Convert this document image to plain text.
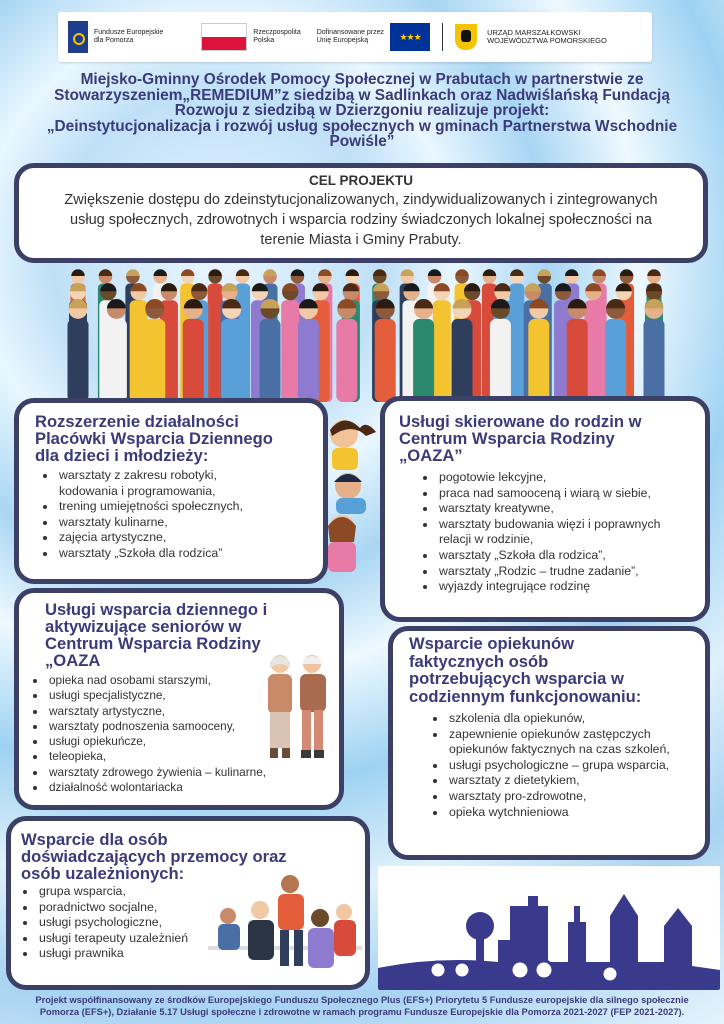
Fundusze Europejskie
dla Pomorza
Rzeczpospolita
Polska
Dofinansowane przez
Unię Europejską	★★★	URZĄD MARSZAŁKOWSKI
WOJEWÓDZTWA POMORSKIEGO
Miejsko-Gminny Ośrodek Pomocy Społecznej w Prabutach w partnerstwie ze
Stowarzyszeniem„REMEDIUM”z siedzibą w Sadlinkach oraz Nadwiślańską Fundacją
Rozwoju z siedzibą w Dzierzgoniu realizuje projekt:
„Deinstytucjonalizacja i rozwój usług społecznych w gminach Partnerstwa Wschodnie
Powiśle”
CEL PROJEKTU
Zwiększenie dostępu do zdeinstytucjonalizowanych, zindywidualizowanych i zintegrowanych
usług społecznych, zdrowotnych i wsparcia rodziny świadczonych lokalnej społeczności na
terenie Miasta i Gminy Prabuty.
Rozszerzenie działalności
Placówki Wsparcia Dziennego
dla dzieci i młodzieży:
• warsztaty z zakresu robotyki,
kodowania i programowania,
• trening umiejętności społecznych,
• warsztaty kulinarne,
• zajęcia artystyczne,
• warsztaty „Szkoła dla rodzica”
Usługi skierowane do rodzin w
Centrum Wsparcia Rodziny
„OAZA”
• pogotowie lekcyjne,
• praca nad samooceną i wiarą w siebie,
• warsztaty kreatywne,
• warsztaty budowania więzi i poprawnych relacji w rodzinie,
• warsztaty „Szkoła dla rodzica”,
• warsztaty „Rodzic – trudne zadanie”,
• wyjazdy integrujące rodzinę
Usługi wsparcia dziennego i
aktywizujące seniorów w
Centrum Wsparcia Rodziny
„OAZA
• opieka nad osobami starszymi,
• usługi specjalistyczne,
• warsztaty artystyczne,
• warsztaty podnoszenia samooceny,
• usługi opiekuńcze,
• teleopieka,
• warsztaty zdrowego żywienia – kulinarne,
• działalność wolontariacka
Wsparcie opiekunów
faktycznych osób
potrzebujących wsparcia w
codziennym funkcjonowaniu:
• szkolenia dla opiekunów,
• zapewnienie opiekunów zastępczych opiekunów faktycznych na czas szkoleń,
• usługi psychologiczne – grupa wsparcia,
• warsztaty z dietetykiem,
• warsztaty pro-zdrowotne,
• opieka wytchnieniowa
Wsparcie dla osób
doświadczających przemocy oraz
osób uzależnionych:
• grupa wsparcia,
• poradnictwo socjalne,
• usługi psychologiczne,
• usługi terapeuty uzależnień
• usługi prawnika
Projekt współfinansowany ze środków Europejskiego Funduszu Społecznego Plus (EFS+) Priorytetu 5 Fundusze europejskie dla silnego społecznie
Pomorza (EFS+), Działanie 5.17 Usługi społeczne i zdrowotne w ramach programu Fundusze Europejskie dla Pomorza 2021-2027 (FEP 2021-2027).
